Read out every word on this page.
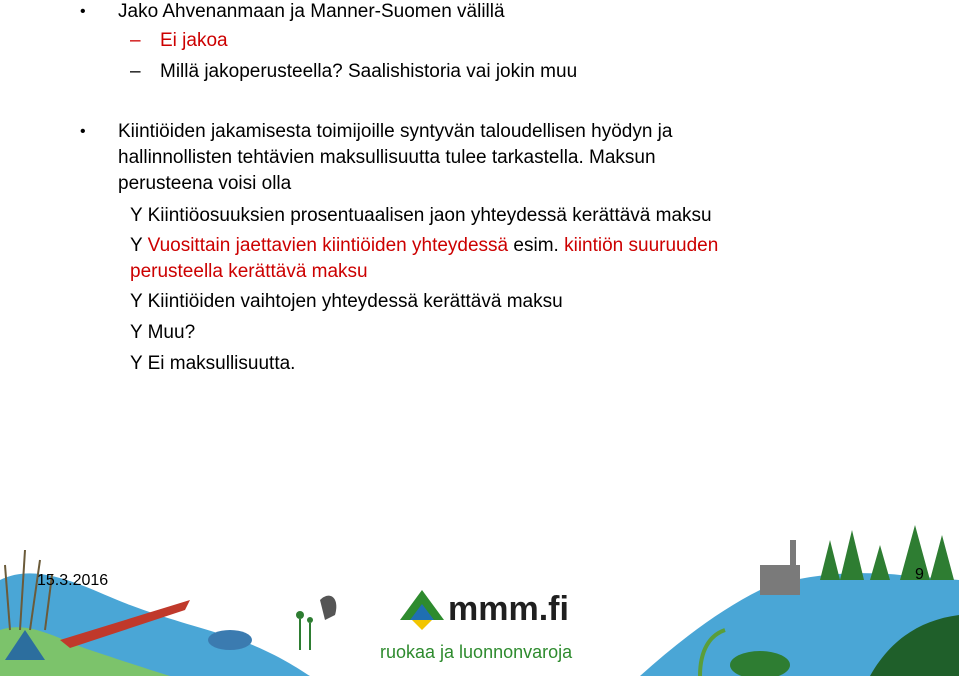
• Jako Ahvenanmaan ja Manner-Suomen välillä
– Ei jakoa
– Millä jakoperusteella? Saalishistoria vai jokin muu
• Kiintiöiden jakamisesta toimijoille syntyvän taloudellisen hyödyn ja
hallinnollisten tehtävien maksullisuutta tulee tarkastella. Maksun
perusteena voisi olla
Y Kiintiöosuuksien prosentuaalisen jaon yhteydessä kerättävä maksu
Y Vuosittain jaettavien kiintiöiden yhteydessä esim. kiintiön suuruuden
perusteella kerättävä maksu
Y Kiintiöiden vaihtojen yhteydessä kerättävä maksu
Y Muu?
Y Ei maksullisuutta.
mmm.fi
ruokaa ja luonnonvaroja
15.3.2016	9
